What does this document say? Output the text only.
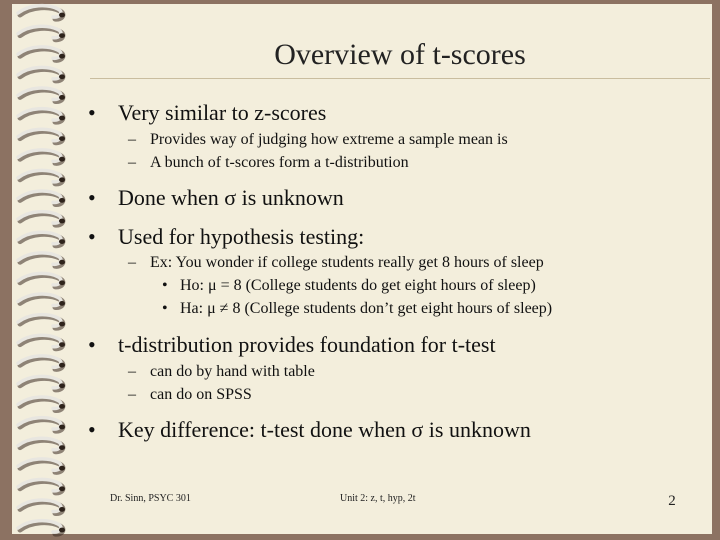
Overview of t-scores
• Very similar to z-scores
– Provides way of judging how extreme a sample mean is
– A bunch of t-scores form a t-distribution
• Done when σ is unknown
• Used for hypothesis testing:
– Ex: You wonder if college students really get 8 hours of sleep
• Ho: μ = 8 (College students do get eight hours of sleep)
• Ha: μ ≠ 8 (College students don’t get eight hours of sleep)
• t-distribution provides foundation for t-test
– can do by hand with table
– can do on SPSS
• Key difference: t-test done when σ is unknown
Dr. Sinn, PSYC 301	Unit 2: z, t, hyp, 2t	2
